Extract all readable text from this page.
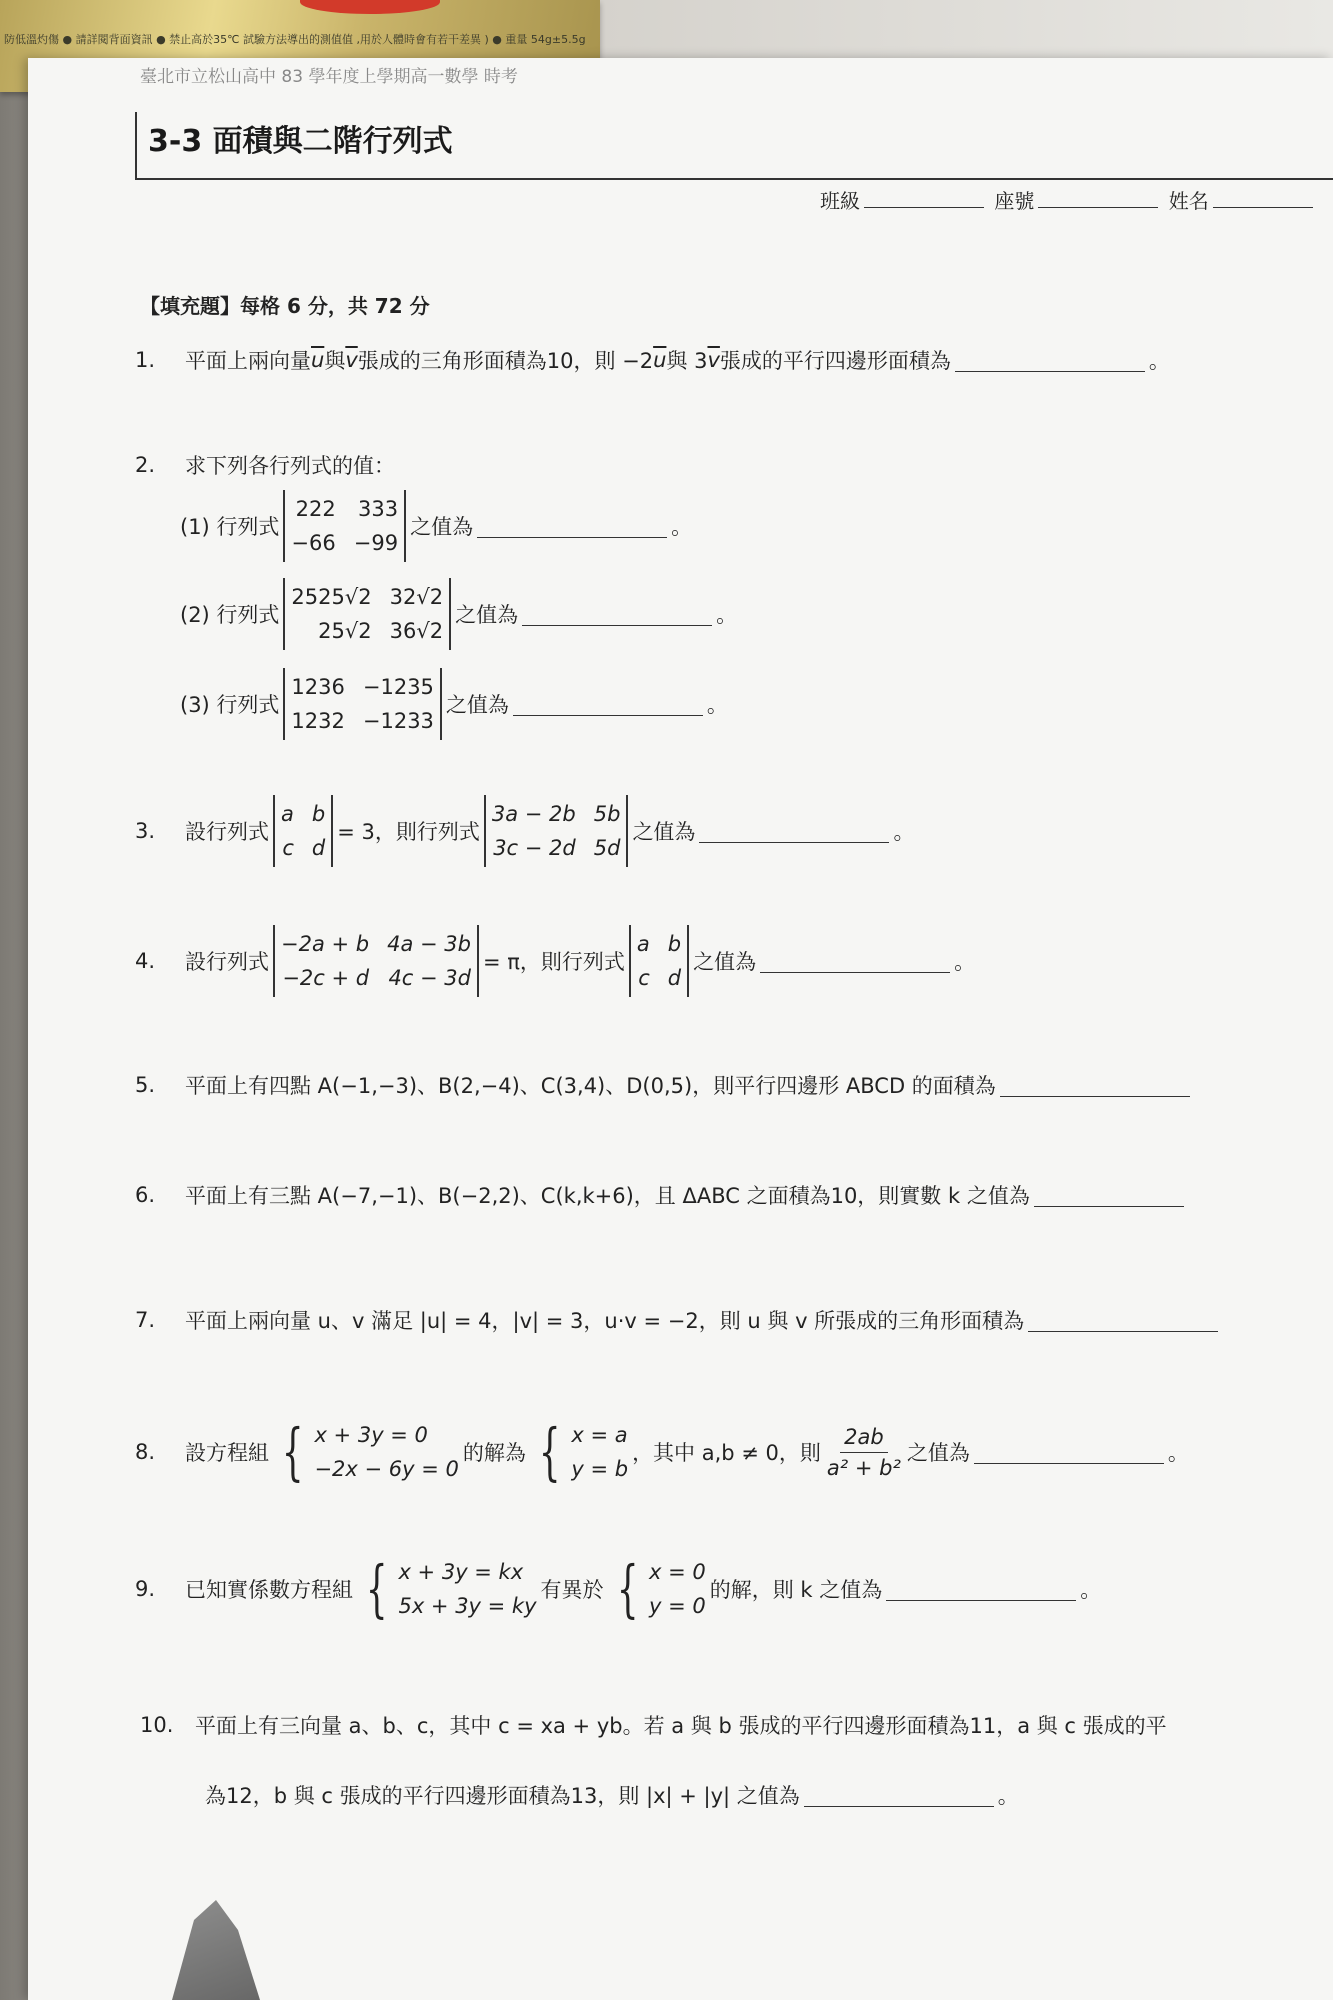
防低溫灼傷 ● 請詳閱背面資訊 ● 禁止高於35℃ 試驗方法導出的測值值 ,用於人體時會有若干差異 ) ● 重量 54g±5.5g
臺北市立松山高中 83 學年度上學期高一數學 時考
3-3 面積與二階行列式
班級	座號	姓名
【填充題】每格 6 分，共 72 分
1.	平面上兩向量 $\overline{u}$ 與 $\overline{v}$ 張成的三角形面積為10，則 −2 $\overline{u}$ 與 3 $\overline{v}$ 張成的平行四邊形面積為	。
2.	求下列各行列式的值：
(1) 行列式
222 333
−66 −99
之值為	。
(2) 行列式
2525√2 32√2
25√2 36√2
之值為	。
(3) 行列式
1236 −1235
1232 −1233
之值為	。
3.	設行列式
a b
c d
= 3，則行列式
3a − 2b 5b
3c − 2d 5d
之值為	。
4.	設行列式
−2a + b 4a − 3b
−2c + d 4c − 3d
= π，則行列式
a b
c d
之值為	。
5.	平面上有四點 A(−1,−3)、B(2,−4)、C(3,4)、D(0,5)，則平行四邊形 ABCD 的面積為
6.	平面上有三點 A(−7,−1)、B(−2,2)、C(k,k+6)，且 ΔABC 之面積為10，則實數 k 之值為
7.	平面上兩向量 u、v 滿足 |u| = 4，|v| = 3，u·v = −2，則 u 與 v 所張成的三角形面積為
8.	設方程組 { x + 3y = 0
−2x − 6y = 0
的解為 { x = a
y = b
，其中 a,b ≠ 0，則 $\frac{2ab}{\text{a² + b²}}$ 之值為	。
9.	已知實係數方程組 { x + 3y = kx
5x + 3y = ky
有異於 { x = 0
y = 0
的解，則 k 之值為	。
10.	平面上有三向量 a、b、c，其中 c = xa + yb。若 a 與 b 張成的平行四邊形面積為11，a 與 c 張成的平
為12，b 與 c 張成的平行四邊形面積為13，則 |x| + |y| 之值為	。
